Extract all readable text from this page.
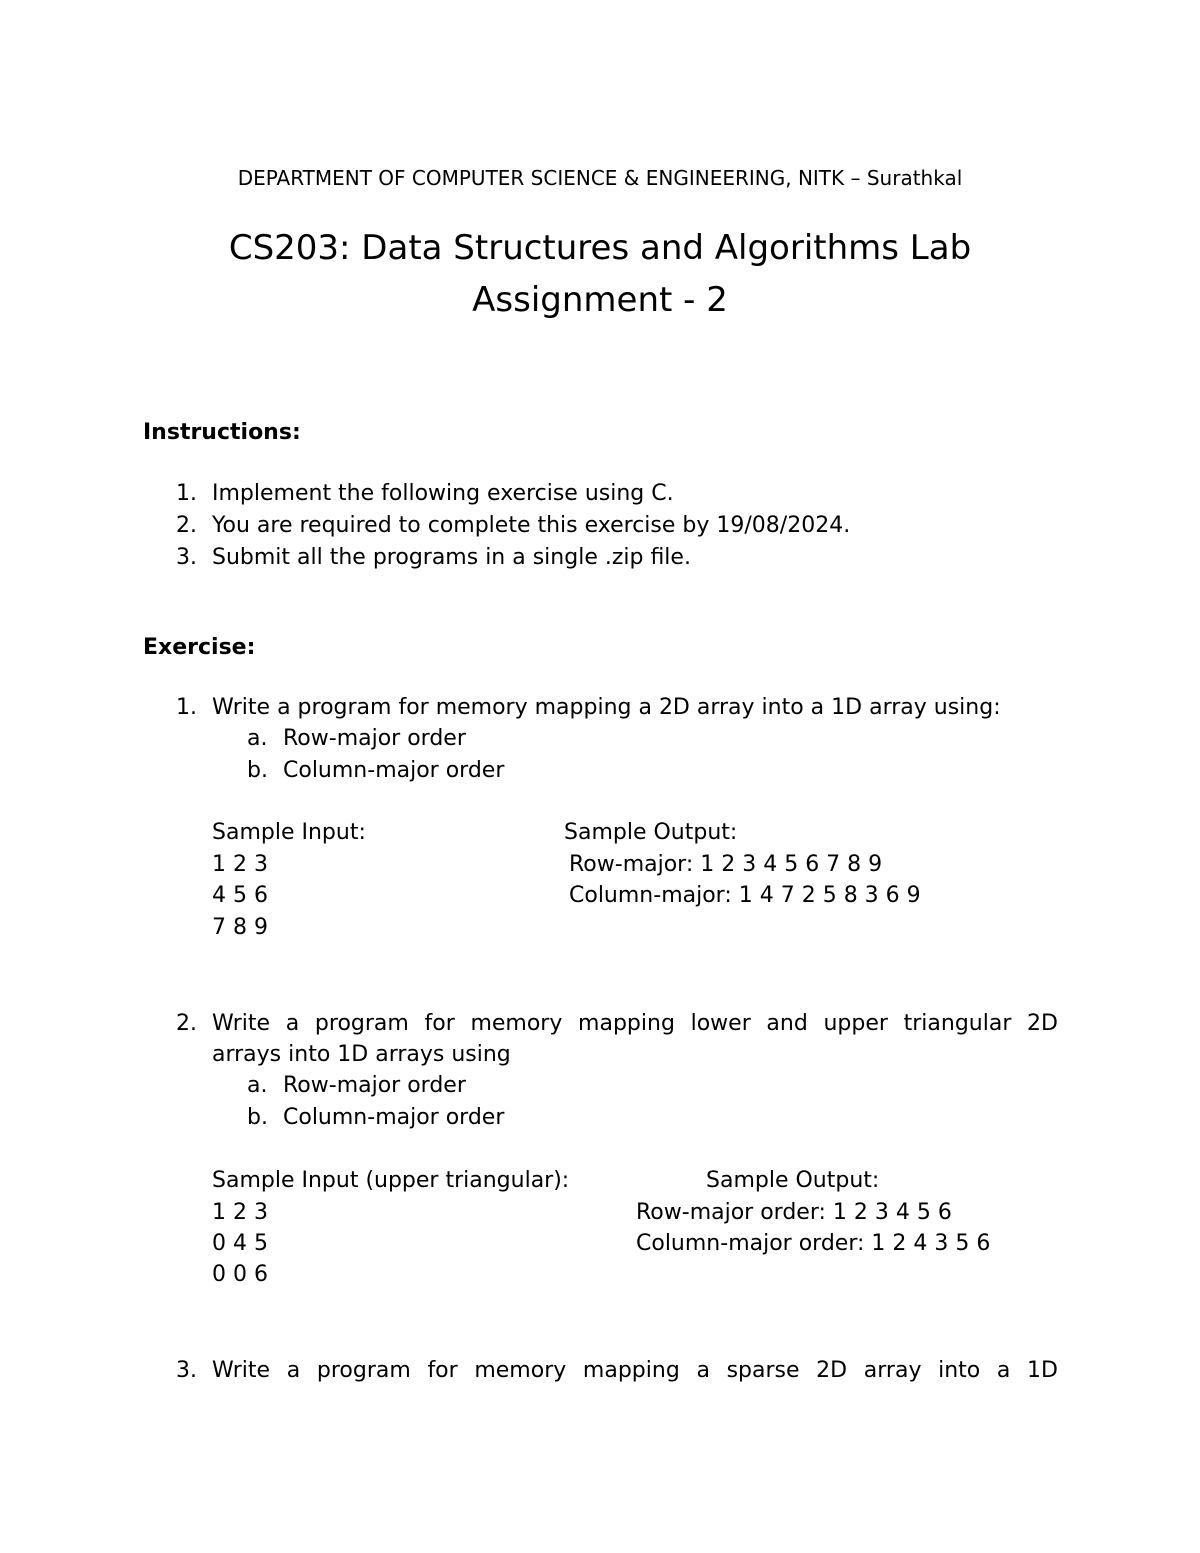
DEPARTMENT OF COMPUTER SCIENCE & ENGINEERING, NITK – Surathkal
CS203: Data Structures and Algorithms Lab
Assignment - 2
Instructions:
1. Implement the following exercise using C.
2. You are required to complete this exercise by 19/08/2024.
3. Submit all the programs in a single .zip file.
Exercise:
1. Write a program for memory mapping a 2D array into a 1D array using:
a. Row-major order
b. Column-major order
Sample Input:	Sample Output:
1 2 3
4 5 6
7 8 9
Row-major: 1 2 3 4 5 6 7 8 9
Column-major: 1 4 7 2 5 8 3 6 9
2. Write a program for memory mapping lower and upper triangular 2D
arrays into 1D arrays using
a. Row-major order
b. Column-major order
Sample Input (upper triangular):	Sample Output:
1 2 3
0 4 5
0 0 6
Row-major order: 1 2 3 4 5 6
Column-major order: 1 2 4 3 5 6
3. Write a program for memory mapping a sparse 2D array into a 1D
